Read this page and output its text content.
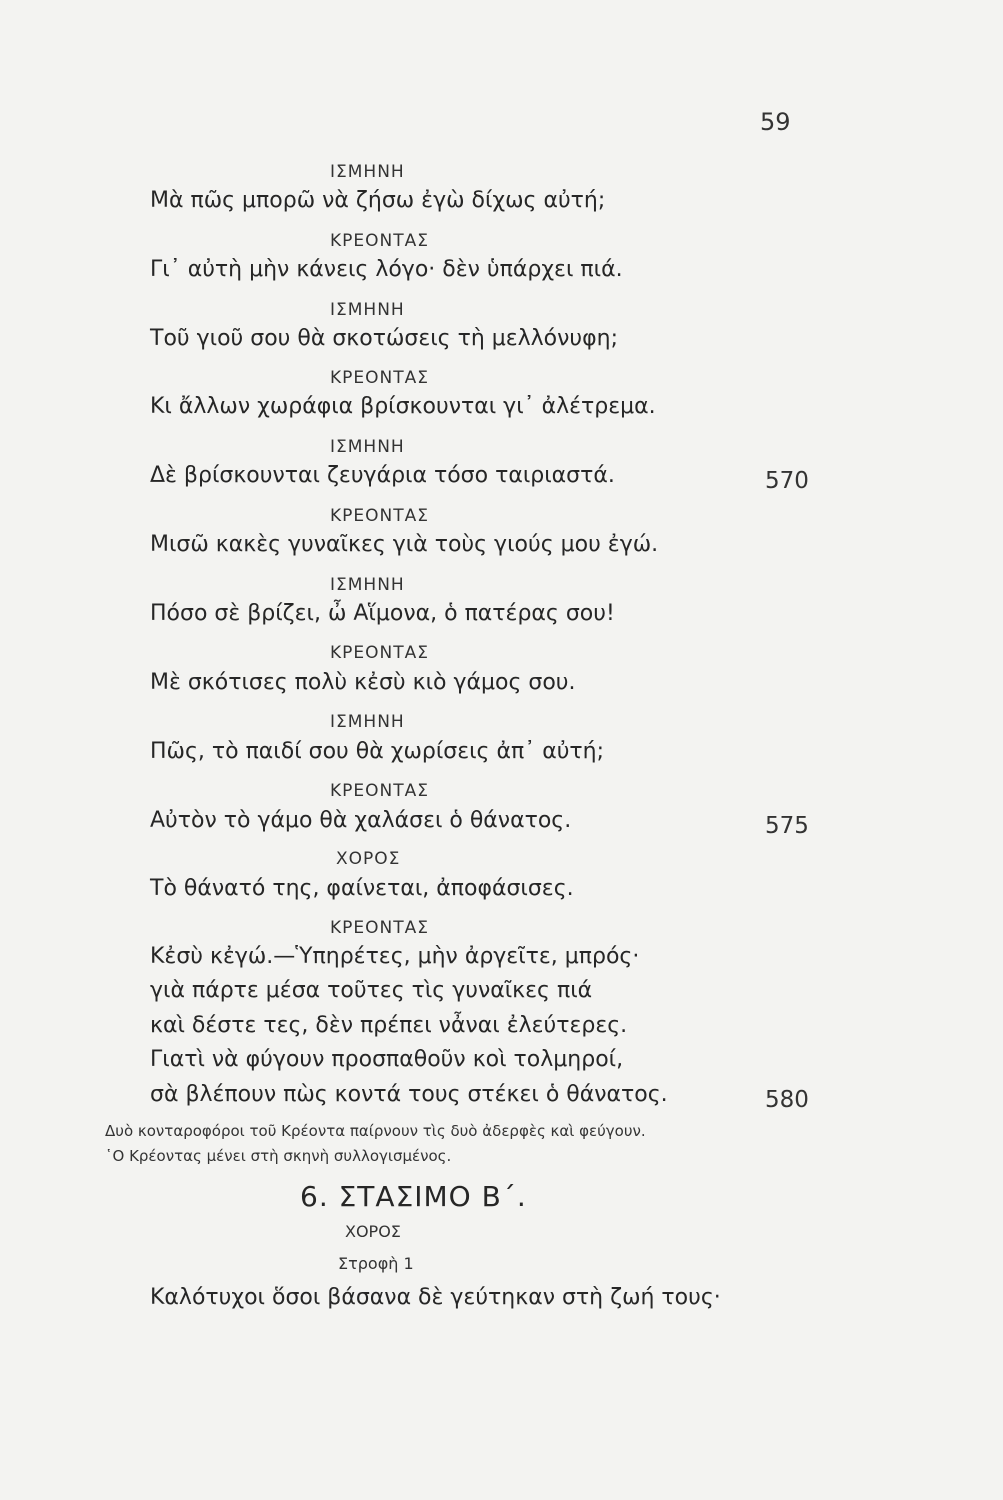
59
ΙΣΜΗΝΗ
Μὰ πῶς μπορῶ νὰ ζήσω ἐγὼ δίχως αὐτή;
ΚΡΕΟΝΤΑΣ
Γι᾽ αὐτὴ μὴν κάνεις λόγο· δὲν ὑπάρχει πιά.
ΙΣΜΗΝΗ
Τοῦ γιοῦ σου θὰ σκοτώσεις τὴ μελλόνυφη;
ΚΡΕΟΝΤΑΣ
Κι ἄλλων χωράφια βρίσκουνται γι᾽ ἀλέτρεμα.
ΙΣΜΗΝΗ
Δὲ βρίσκουνται ζευγάρια τόσο ταιριαστά.	570
ΚΡΕΟΝΤΑΣ
Μισῶ κακὲς γυναῖκες γιὰ τοὺς γιούς μου ἐγώ.
ΙΣΜΗΝΗ
Πόσο σὲ βρίζει, ὦ Αἵμονα, ὁ πατέρας σου!
ΚΡΕΟΝΤΑΣ
Μὲ σκότισες πολὺ κἐσὺ κιὸ γάμος σου.
ΙΣΜΗΝΗ
Πῶς, τὸ παιδί σου θὰ χωρίσεις ἀπ᾽ αὐτή;
ΚΡΕΟΝΤΑΣ
Αὐτὸν τὸ γάμο θὰ χαλάσει ὁ θάνατος.	575
ΧΟΡΟΣ
Τὸ θάνατό της, φαίνεται, ἀποφάσισες.
ΚΡΕΟΝΤΑΣ
Κἐσὺ κἐγώ.—Ὑπηρέτες, μὴν ἀργεῖτε, μπρός·
γιὰ πάρτε μέσα τοῦτες τὶς γυναῖκες πιά
καὶ δέστε τες, δὲν πρέπει νἆναι ἐλεύτερες.
Γιατὶ νὰ φύγουν προσπαθοῦν κοὶ τολμηροί,
σὰ βλέπουν πὼς κοντά τους στέκει ὁ θάνατος.	580
Δυὸ κονταροφόροι τοῦ Κρέοντα παίρνουν τὶς δυὸ ἀδερφὲς καὶ φεύγουν.
῾Ο Κρέοντας μένει στὴ σκηνὴ συλλογισμένος.
6. ΣΤΑΣΙΜΟ Β΄.
ΧΟΡΟΣ
Στροφὴ 1
Καλότυχοι ὅσοι βάσανα δὲ γεύτηκαν στὴ ζωή τους·
